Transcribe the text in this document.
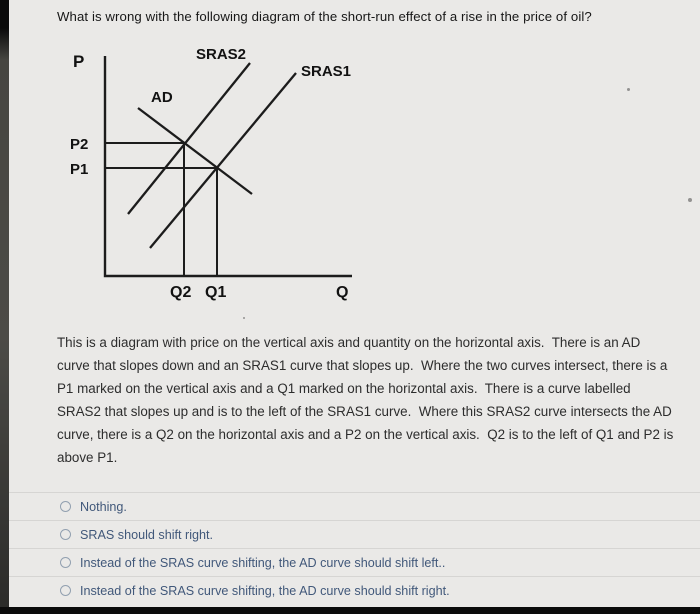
What is wrong with the following diagram of the short-run effect of a rise in the price of oil?
P	SRAS2
SRAS1
AD
P2
P1
Q2 Q1	Q
This is a diagram with price on the vertical axis and quantity on the horizontal axis.  There is an AD curve that slopes down and an SRAS1 curve that slopes up.  Where the two curves intersect, there is a P1 marked on the vertical axis and a Q1 marked on the horizontal axis.  There is a curve labelled SRAS2 that slopes up and is to the left of the SRAS1 curve.  Where this SRAS2 curve intersects the AD curve, there is a Q2 on the horizontal axis and a P2 on the vertical axis.  Q2 is to the left of Q1 and P2 is above P1.
Nothing.
SRAS should shift right.
Instead of the SRAS curve shifting, the AD curve should shift left..
Instead of the SRAS curve shifting, the AD curve should shift right.
